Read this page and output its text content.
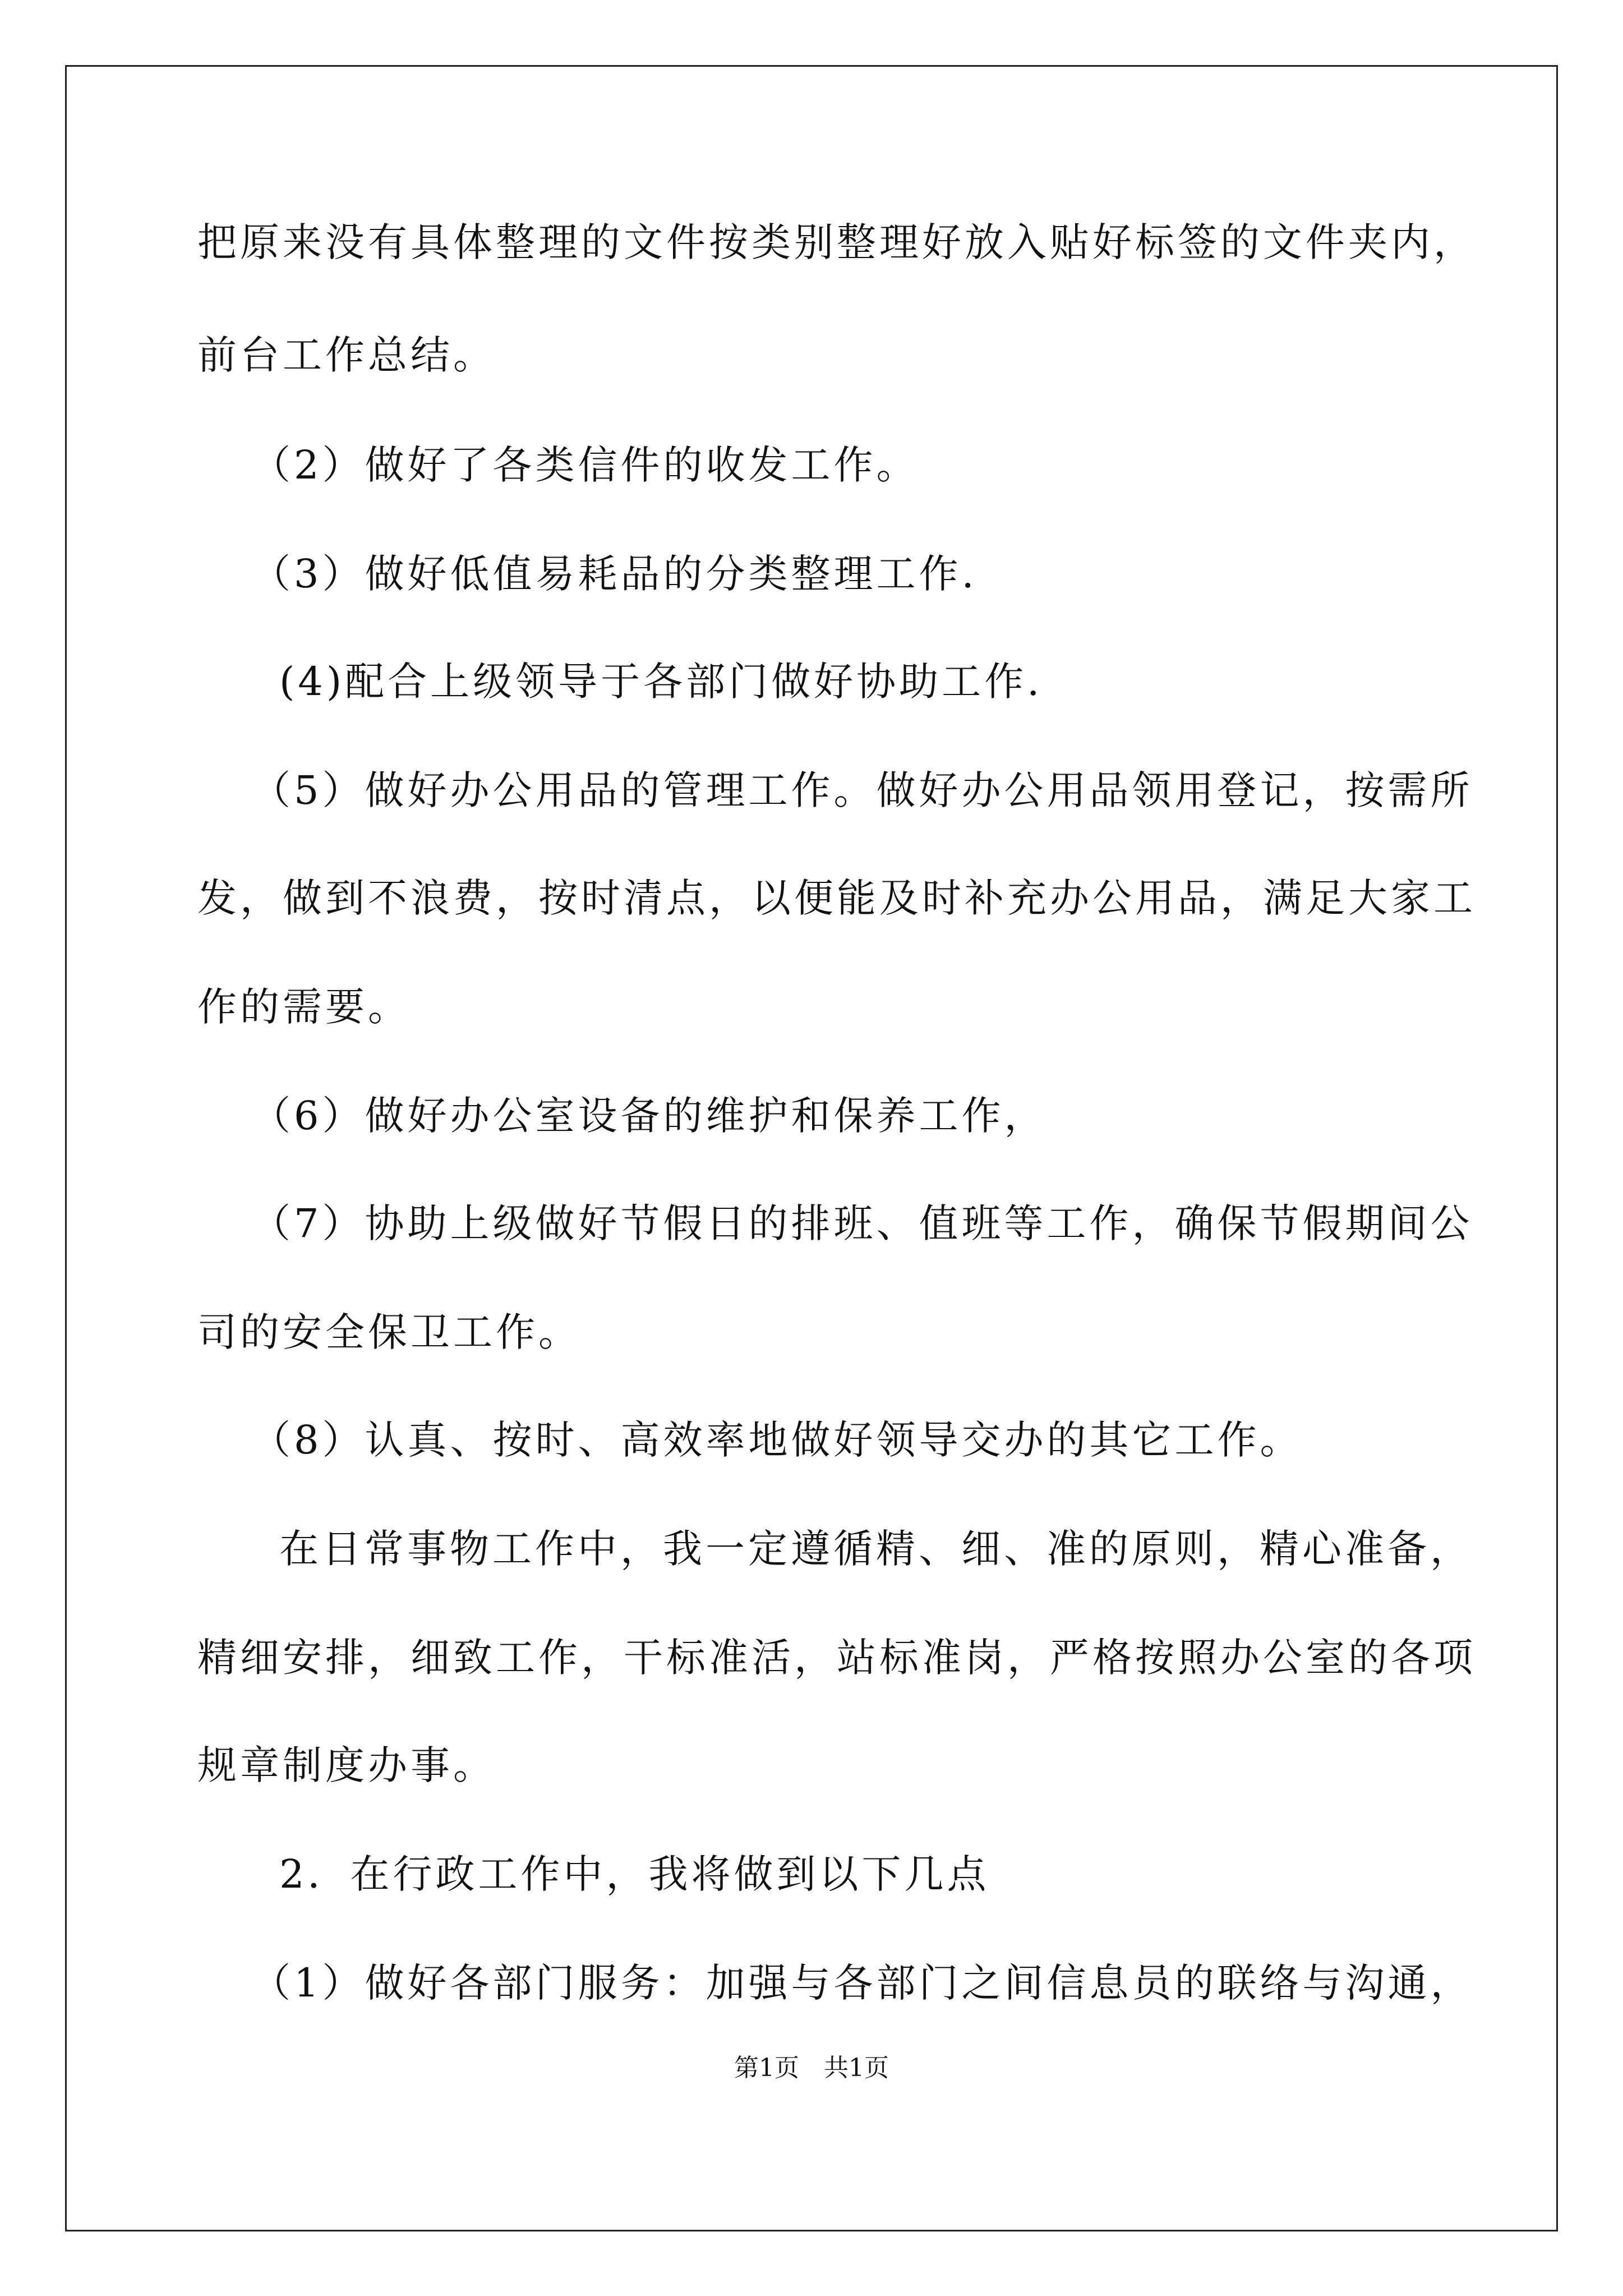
把原来没有具体整理的文件按类别整理好放入贴好标签的文件夹内，
前台工作总结。
（2）做好了各类信件的收发工作。
（3）做好低值易耗品的分类整理工作.
(4)配合上级领导于各部门做好协助工作.
（5）做好办公用品的管理工作。做好办公用品领用登记，按需所
发，做到不浪费，按时清点，以便能及时补充办公用品，满足大家工
作的需要。
（6）做好办公室设备的维护和保养工作，
（7）协助上级做好节假日的排班、值班等工作，确保节假期间公
司的安全保卫工作。
（8）认真、按时、高效率地做好领导交办的其它工作。
在日常事物工作中，我一定遵循精、细、准的原则，精心准备，
精细安排，细致工作，干标准活，站标准岗，严格按照办公室的各项
规章制度办事。
2．在行政工作中，我将做到以下几点
（1）做好各部门服务：加强与各部门之间信息员的联络与沟通，
第1页　共1页
